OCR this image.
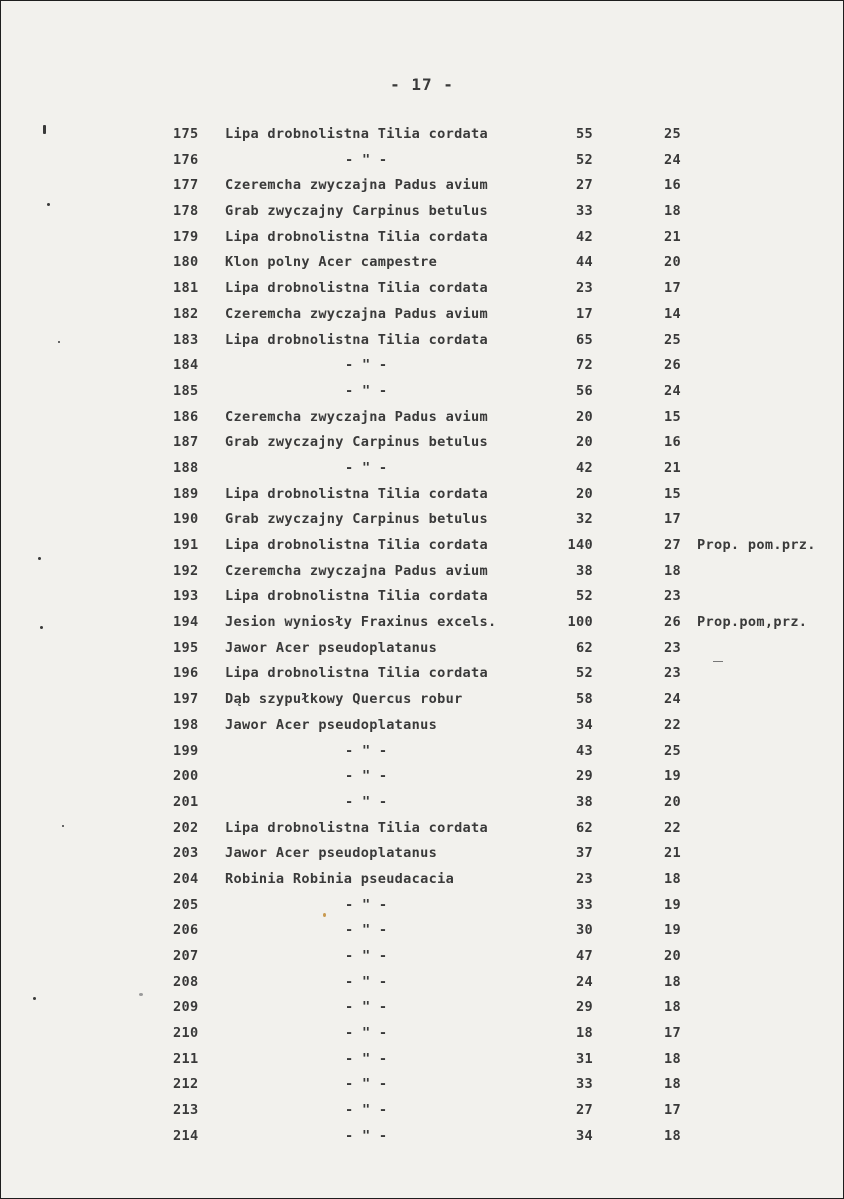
- 17 -
175	Lipa drobnolistna Tilia cordata	55	25
176	- " -	52	24
177	Czeremcha zwyczajna Padus avium	27	16
178	Grab zwyczajny Carpinus betulus	33	18
179	Lipa drobnolistna Tilia cordata	42	21
180	Klon polny Acer campestre	44	20
181	Lipa drobnolistna Tilia cordata	23	17
182	Czeremcha zwyczajna Padus avium	17	14
183	Lipa drobnolistna Tilia cordata	65	25
184	- " -	72	26
185	- " -	56	24
186	Czeremcha zwyczajna Padus avium	20	15
187	Grab zwyczajny Carpinus betulus	20	16
188	- " -	42	21
189	Lipa drobnolistna Tilia cordata	20	15
190	Grab zwyczajny Carpinus betulus	32	17
191	Lipa drobnolistna Tilia cordata	140	27 Prop. pom.prz.
192	Czeremcha zwyczajna Padus avium	38	18
193	Lipa drobnolistna Tilia cordata	52	23
194	Jesion wyniosły Fraxinus excels.	100	26 Prop.pom,prz.
195	Jawor Acer pseudoplatanus	62	23
196	Lipa drobnolistna Tilia cordata	52	23
197	Dąb szypułkowy Quercus robur	58	24
198	Jawor Acer pseudoplatanus	34	22
199	- " -	43	25
200	- " -	29	19
201	- " -	38	20
202	Lipa drobnolistna Tilia cordata	62	22
203	Jawor Acer pseudoplatanus	37	21
204	Robinia Robinia pseudacacia	23	18
205	- " -	33	19
206	- " -	30	19
207	- " -	47	20
208	- " -	24	18
209	- " -	29	18
210	- " -	18	17
211	- " -	31	18
212	- " -	33	18
213	- " -	27	17
214	- " -	34	18
